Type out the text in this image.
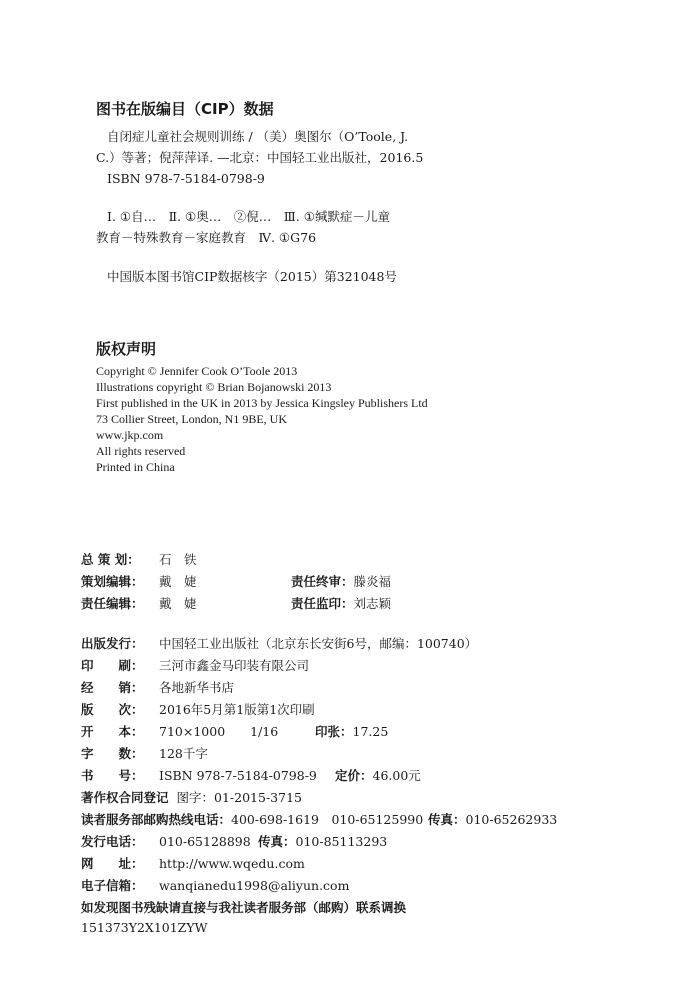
图书在版编目（CIP）数据
自闭症儿童社会规则训练 / （美）奥图尔（O’Toole, J.
C.）等著；倪萍萍译. —北京：中国轻工业出版社，2016.5
ISBN 978-7-5184-0798-9
Ⅰ. ①自…　Ⅱ. ①奥…　②倪…　Ⅲ. ①缄默症－儿童
教育－特殊教育－家庭教育　Ⅳ. ①G76
中国版本图书馆CIP数据核字（2015）第321048号
版权声明
Copyright © Jennifer Cook O’Toole 2013
Illustrations copyright © Brian Bojanowski 2013
First published in the UK in 2013 by Jessica Kingsley Publishers Ltd
73 Collier Street, London, N1 9BE, UK
www.jkp.com
All rights reserved
Printed in China
总 策 划： 石　铁
策划编辑： 戴　婕	责任终审：滕炎福
责任编辑： 戴　婕	责任监印：刘志颖
出版发行： 中国轻工业出版社（北京东长安街6号，邮编：100740）
印　　刷： 三河市鑫金马印装有限公司
经　　销： 各地新华书店
版　　次： 2016年5月第1版第1次印刷
开　　本： 710×1000　　1/16	印张：17.25
字　　数： 128千字
书　　号： ISBN 978-7-5184-0798-9 定价：46.00元
著作权合同登记 图字：01-2015-3715
读者服务部邮购热线电话：400-698-1619　010-65125990 传真：010-65262933
发行电话： 010-65128898 传真：010-85113293
网　　址： http://www.wqedu.com
电子信箱： wanqianedu1998@aliyun.com
如发现图书残缺请直接与我社读者服务部（邮购）联系调换
151373Y2X101ZYW
